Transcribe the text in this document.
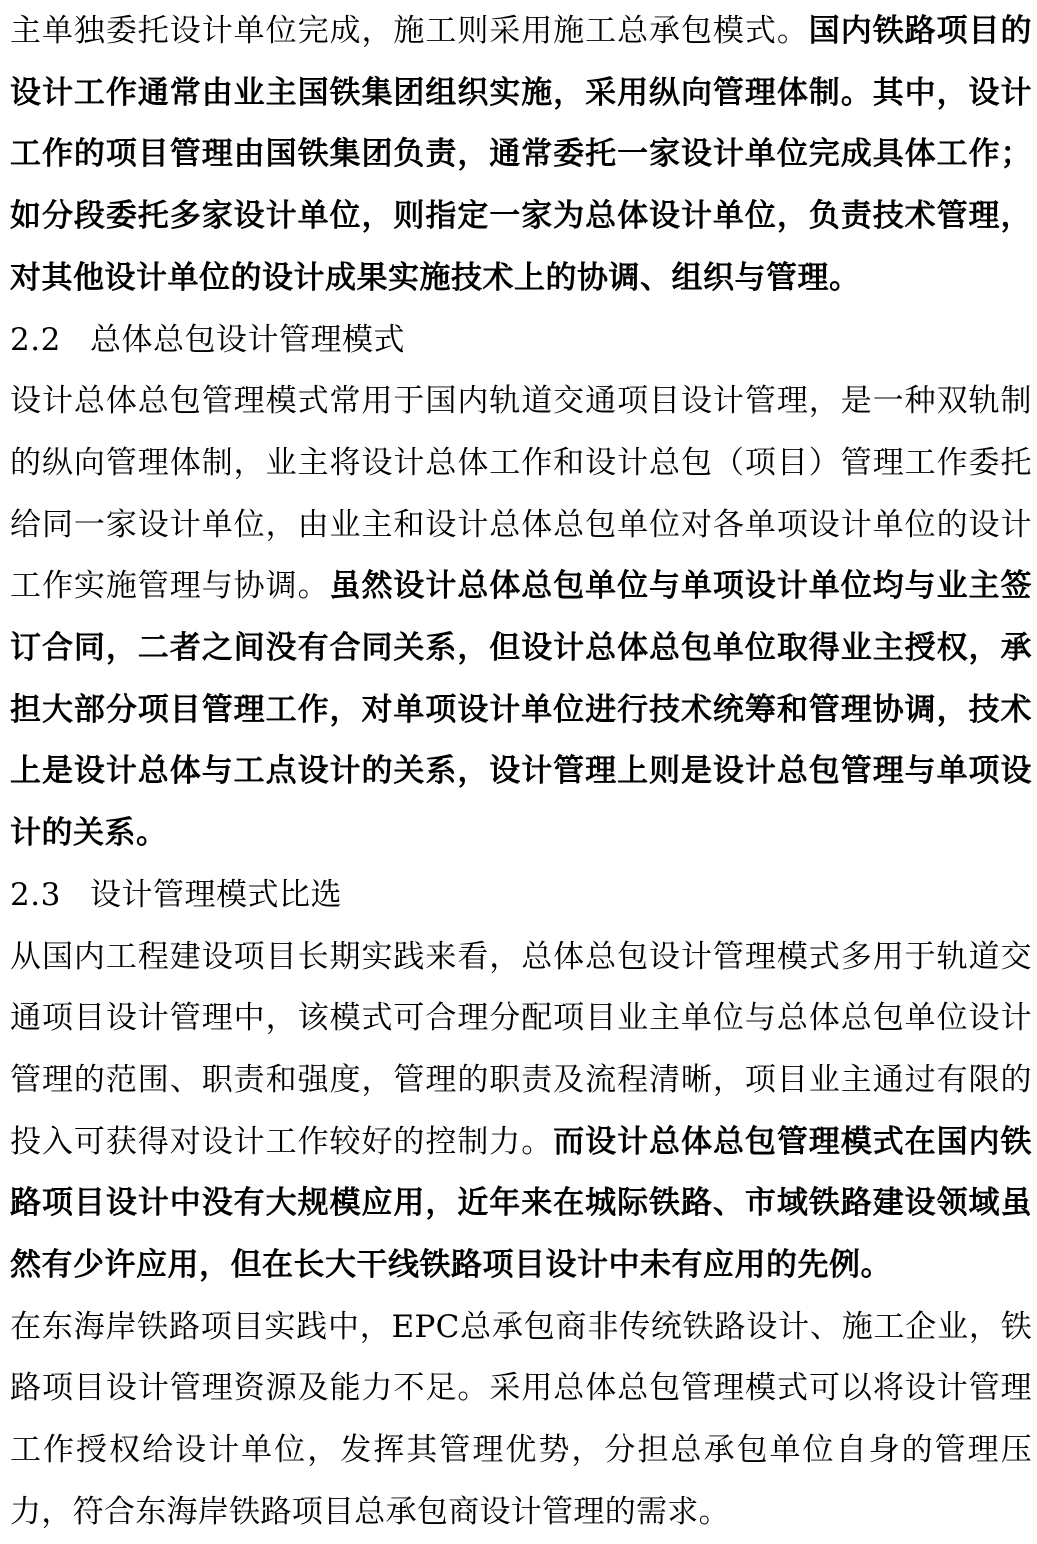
主单独委托设计单位完成，施工则采用施工总承包模式。国内铁路项目的设计工作通常由业主国铁集团组织实施，采用纵向管理体制。其中，设计工作的项目管理由国铁集团负责，通常委托一家设计单位完成具体工作；如分段委托多家设计单位，则指定一家为总体设计单位，负责技术管理，对其他设计单位的设计成果实施技术上的协调、组织与管理。

2.2 总体总包设计管理模式

设计总体总包管理模式常用于国内轨道交通项目设计管理，是一种双轨制的纵向管理体制，业主将设计总体工作和设计总包（项目）管理工作委托给同一家设计单位，由业主和设计总体总包单位对各单项设计单位的设计工作实施管理与协调。虽然设计总体总包单位与单项设计单位均与业主签订合同，二者之间没有合同关系，但设计总体总包单位取得业主授权，承担大部分项目管理工作，对单项设计单位进行技术统筹和管理协调，技术上是设计总体与工点设计的关系，设计管理上则是设计总包管理与单项设计的关系。

2.3 设计管理模式比选

从国内工程建设项目长期实践来看，总体总包设计管理模式多用于轨道交通项目设计管理中，该模式可合理分配项目业主单位与总体总包单位设计管理的范围、职责和强度，管理的职责及流程清晰，项目业主通过有限的投入可获得对设计工作较好的控制力。而设计总体总包管理模式在国内铁路项目设计中没有大规模应用，近年来在城际铁路、市域铁路建设领域虽然有少许应用，但在长大干线铁路项目设计中未有应用的先例。

在东海岸铁路项目实践中，EPC总承包商非传统铁路设计、施工企业，铁路项目设计管理资源及能力不足。采用总体总包管理模式可以将设计管理工作授权给设计单位，发挥其管理优势，分担总承包单位自身的管理压力，符合东海岸铁路项目总承包商设计管理的需求。
